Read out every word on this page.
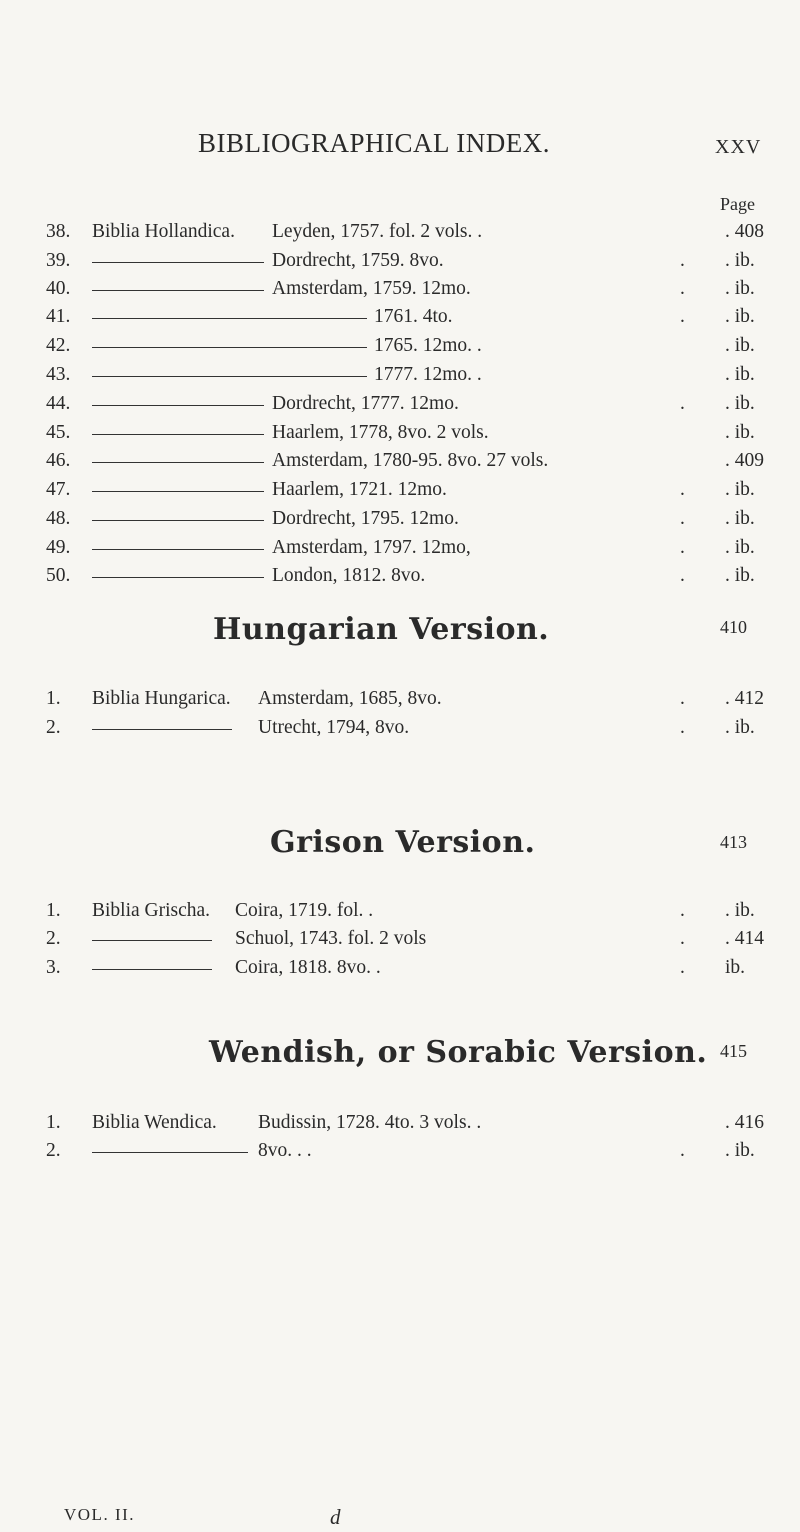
BIBLIOGRAPHICAL INDEX.	XXV
Page
38. Biblia Hollandica. Leyden, 1757. fol. 2 vols. .	. 408
39.	Dordrecht, 1759. 8vo.	. . ib.
40.	Amsterdam, 1759. 12mo.	. . ib.
41.	1761. 4to.	. . ib.
42.	1765. 12mo. .	. ib.
43.	1777. 12mo. .	. ib.
44.	Dordrecht, 1777. 12mo.	. . ib.
45.	Haarlem, 1778, 8vo. 2 vols.	. ib.
46.	Amsterdam, 1780-95. 8vo. 27 vols.	. 409
47.	Haarlem, 1721. 12mo.	. . ib.
48.	Dordrecht, 1795. 12mo.	. . ib.
49.	Amsterdam, 1797. 12mo,	. . ib.
50.	London, 1812. 8vo.	. . ib.
Hungarian Version.	410
1. Biblia Hungarica. Amsterdam, 1685, 8vo.	. . 412
2.	Utrecht, 1794, 8vo.	. . ib.
Grison Version.	413
1. Biblia Grischa. Coira, 1719. fol. .	. . ib.
2.	Schuol, 1743. fol. 2 vols	. . 414
3.	Coira, 1818. 8vo. .	. ib.
Wendish, or Sorabic Version. 415
1. Biblia Wendica. Budissin, 1728. 4to. 3 vols. .	. 416
2.	8vo. . .	. . ib.
VOL. II.	d
